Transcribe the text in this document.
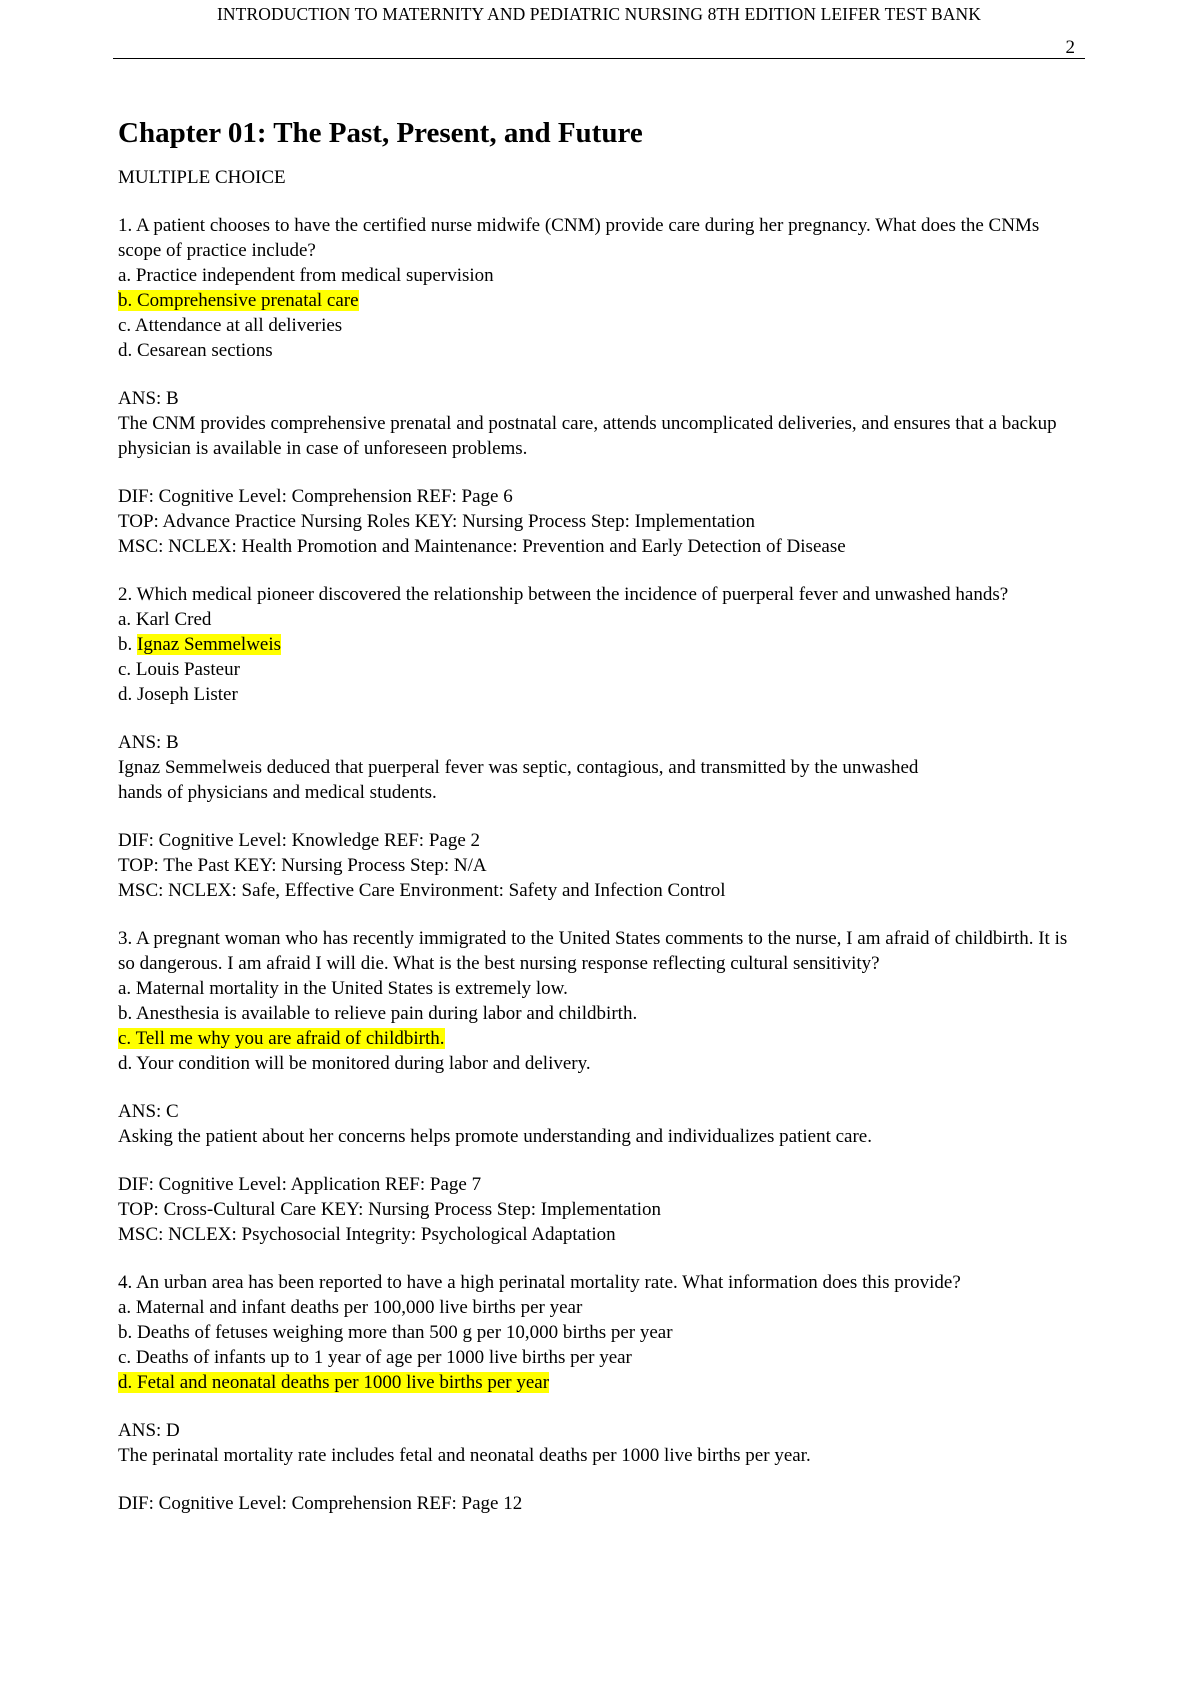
INTRODUCTION TO MATERNITY AND PEDIATRIC NURSING 8TH EDITION LEIFER TEST BANK
2
Chapter 01: The Past, Present, and Future
MULTIPLE CHOICE
1. A patient chooses to have the certified nurse midwife (CNM) provide care during her pregnancy. What does the CNMs scope of practice include?
a. Practice independent from medical supervision
b. Comprehensive prenatal care
c. Attendance at all deliveries
d. Cesarean sections
ANS: B
The CNM provides comprehensive prenatal and postnatal care, attends uncomplicated deliveries, and ensures that a backup physician is available in case of unforeseen problems.
DIF: Cognitive Level: Comprehension REF: Page 6
TOP: Advance Practice Nursing Roles KEY: Nursing Process Step: Implementation
MSC: NCLEX: Health Promotion and Maintenance: Prevention and Early Detection of Disease
2. Which medical pioneer discovered the relationship between the incidence of puerperal fever and unwashed hands?
a. Karl Cred
b. Ignaz Semmelweis
c. Louis Pasteur
d. Joseph Lister
ANS: B
Ignaz Semmelweis deduced that puerperal fever was septic, contagious, and transmitted by the unwashed hands of physicians and medical students.
DIF: Cognitive Level: Knowledge REF: Page 2
TOP: The Past KEY: Nursing Process Step: N/A
MSC: NCLEX: Safe, Effective Care Environment: Safety and Infection Control
3. A pregnant woman who has recently immigrated to the United States comments to the nurse, I am afraid of childbirth. It is so dangerous. I am afraid I will die. What is the best nursing response reflecting cultural sensitivity?
a. Maternal mortality in the United States is extremely low.
b. Anesthesia is available to relieve pain during labor and childbirth.
c. Tell me why you are afraid of childbirth.
d. Your condition will be monitored during labor and delivery.
ANS: C
Asking the patient about her concerns helps promote understanding and individualizes patient care.
DIF: Cognitive Level: Application REF: Page 7
TOP: Cross-Cultural Care KEY: Nursing Process Step: Implementation
MSC: NCLEX: Psychosocial Integrity: Psychological Adaptation
4. An urban area has been reported to have a high perinatal mortality rate. What information does this provide?
a. Maternal and infant deaths per 100,000 live births per year
b. Deaths of fetuses weighing more than 500 g per 10,000 births per year
c. Deaths of infants up to 1 year of age per 1000 live births per year
d. Fetal and neonatal deaths per 1000 live births per year
ANS: D
The perinatal mortality rate includes fetal and neonatal deaths per 1000 live births per year.
DIF: Cognitive Level: Comprehension REF: Page 12
